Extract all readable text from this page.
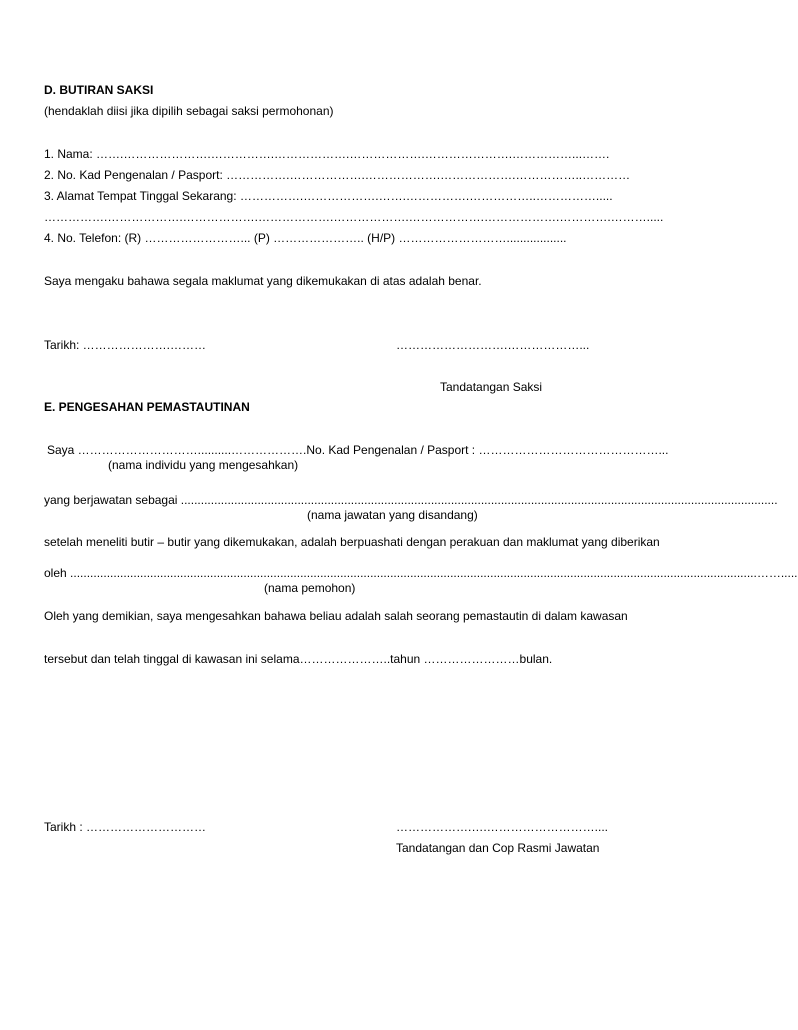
D. BUTIRAN SAKSI
(hendaklah diisi jika dipilih sebagai saksi permohonan)
1. Nama: …….………………….…………….……………….……………….………………….……………...…….
2. No. Kad Pengenalan / Pasport: …………….……………….……………….……………….……………..…………
3. Alamat Tempat Tinggal Sekarang: …………….……………….…….…………….……………..…………….....
…………….……………….……………….……………….……………….……………….……………….………….……….....
4. No. Telefon: (R) ……………………... (P) ………………….. (H/P) ………………………..................
Saya mengaku bahawa segala maklumat yang dikemukakan di atas adalah benar.
Tarikh: ………………….………	……………………….………………...
Tandatangan Saksi
E. PENGESAHAN PEMASTAUTINAN
Saya …………………………..........……………….No. Kad Pengenalan / Pasport : ………………………………………...
(nama individu yang mengesahkan)
yang berjawatan sebagai ...................................................................................................................................................................................
(nama jawatan yang disandang)
setelah meneliti butir – butir yang dikemukakan, adalah berpuashati dengan perakuan dan maklumat yang diberikan
oleh ..............................................................................................................................................................................................................…….....
(nama pemohon)
Oleh yang demikian, saya mengesahkan bahawa beliau adalah salah seorang pemastautin di dalam kawasan
tersebut dan telah tinggal di kawasan ini selama…………………..tahun ……………………bulan.
Tarikh : …………………………	……………….….………………………....
Tandatangan dan Cop Rasmi Jawatan
